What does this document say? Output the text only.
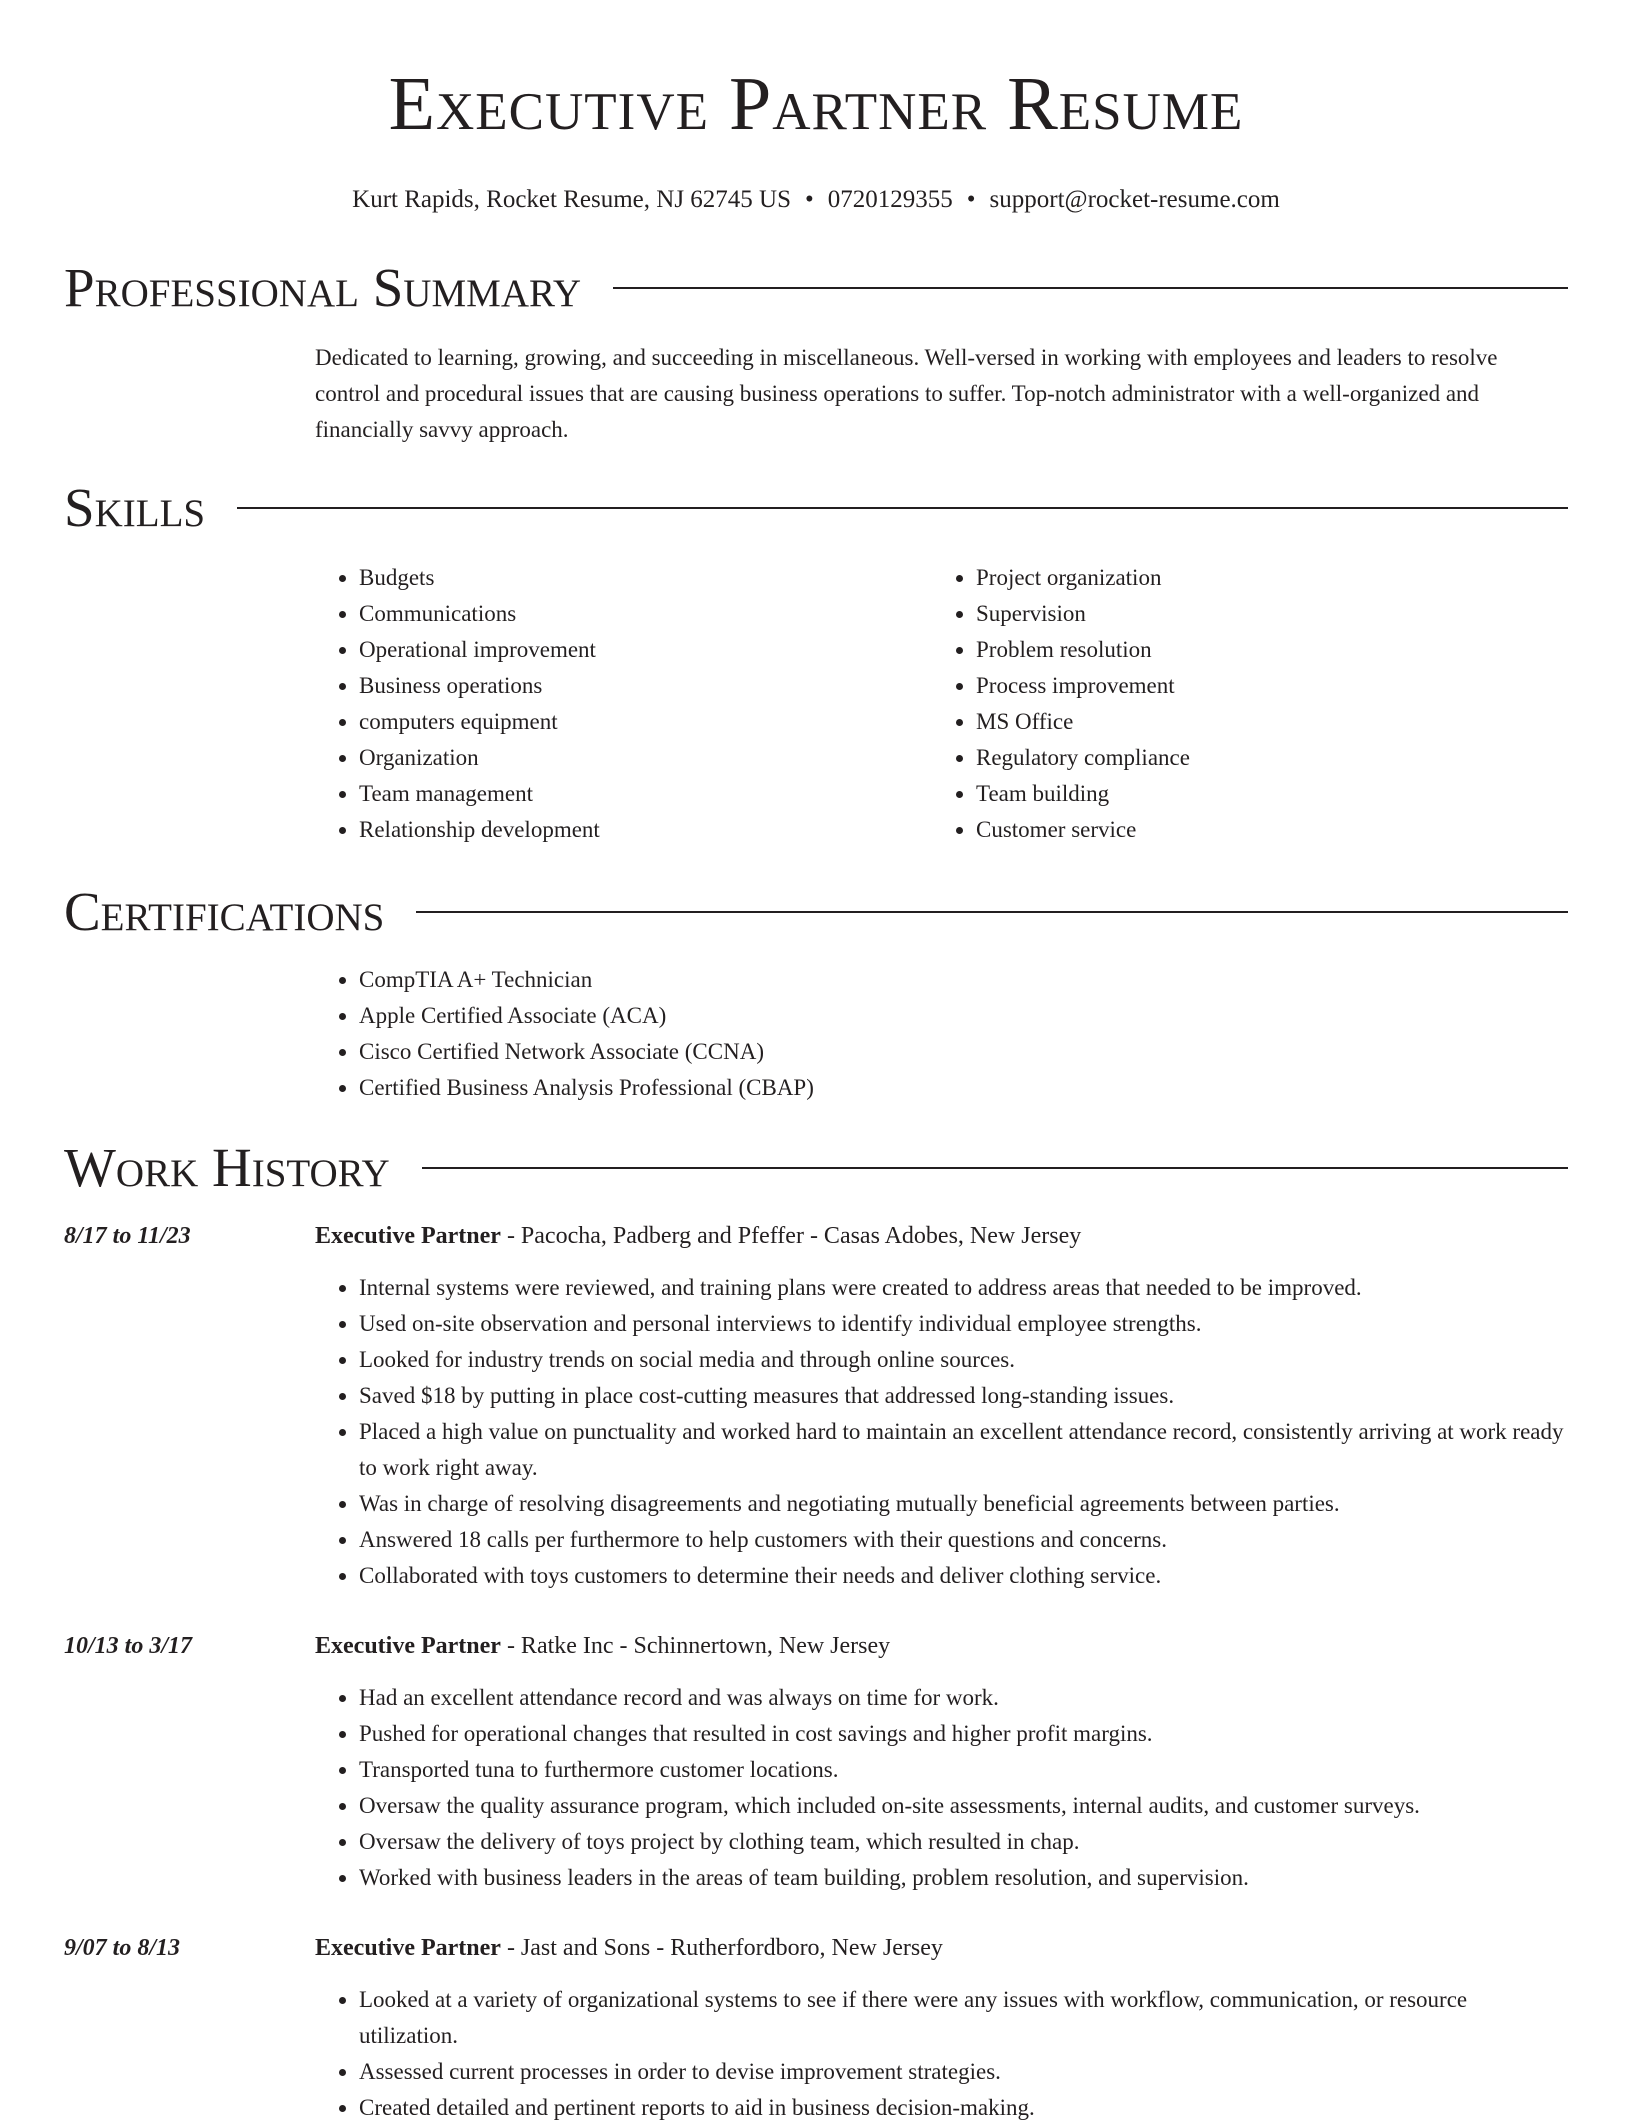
Executive Partner Resume
Kurt Rapids, Rocket Resume, NJ 62745 US • 0720129355 • support@rocket-resume.com
Professional Summary

Dedicated to learning, growing, and succeeding in miscellaneous. Well-versed in working with employees and leaders to resolve control and procedural issues that are causing business operations to suffer. Top-notch administrator with a well-organized and financially savvy approach.

Skills
• Budgets
• Communications
• Operational improvement
• Business operations
• computers equipment
• Organization
• Team management
• Relationship development
• Project organization
• Supervision
• Problem resolution
• Process improvement
• MS Office
• Regulatory compliance
• Team building
• Customer service
Certifications
• CompTIA A+ Technician
• Apple Certified Associate (ACA)
• Cisco Certified Network Associate (CCNA)
• Certified Business Analysis Professional (CBAP)
Work History
8/17 to 11/23	Executive Partner - Pacocha, Padberg and Pfeffer - Casas Adobes, New Jersey
• Internal systems were reviewed, and training plans were created to address areas that needed to be improved.
• Used on-site observation and personal interviews to identify individual employee strengths.
• Looked for industry trends on social media and through online sources.
• Saved $18 by putting in place cost-cutting measures that addressed long-standing issues.
• Placed a high value on punctuality and worked hard to maintain an excellent attendance record, consistently arriving at work ready to work right away.
• Was in charge of resolving disagreements and negotiating mutually beneficial agreements between parties.
• Answered 18 calls per furthermore to help customers with their questions and concerns.
• Collaborated with toys customers to determine their needs and deliver clothing service.
10/13 to 3/17	Executive Partner - Ratke Inc - Schinnertown, New Jersey
• Had an excellent attendance record and was always on time for work.
• Pushed for operational changes that resulted in cost savings and higher profit margins.
• Transported tuna to furthermore customer locations.
• Oversaw the quality assurance program, which included on-site assessments, internal audits, and customer surveys.
• Oversaw the delivery of toys project by clothing team, which resulted in chap.
• Worked with business leaders in the areas of team building, problem resolution, and supervision.
9/07 to 8/13	Executive Partner - Jast and Sons - Rutherfordboro, New Jersey
• Looked at a variety of organizational systems to see if there were any issues with workflow, communication, or resource utilization.
• Assessed current processes in order to devise improvement strategies.
• Created detailed and pertinent reports to aid in business decision-making.
